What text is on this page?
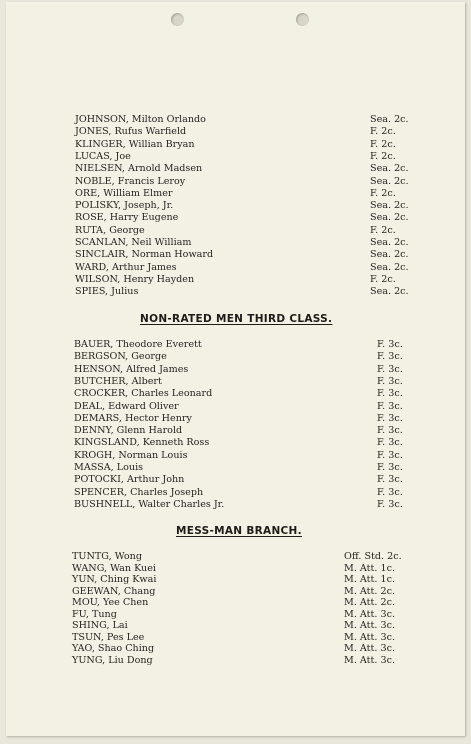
JOHNSON, Milton Orlando	Sea. 2c.
JONES, Rufus Warfield	F. 2c.
KLINGER, Willian Bryan	F. 2c.
LUCAS, Joe	F. 2c.
NIELSEN, Arnold Madsen	Sea. 2c.
NOBLE, Francis Leroy	Sea. 2c.
ORE, William Elmer	F. 2c.
POLISKY, Joseph, Jr.	Sea. 2c.
ROSE, Harry Eugene	Sea. 2c.
RUTA, George	F. 2c.
SCANLAN, Neil William	Sea. 2c.
SINCLAIR, Norman Howard	Sea. 2c.
WARD, Arthur James	Sea. 2c.
WILSON, Henry Hayden	F. 2c.
SPIES, Julius	Sea. 2c.
NON-RATED MEN THIRD CLASS.
BAUER, Theodore Everett	F. 3c.
BERGSON, George	F. 3c.
HENSON, Alfred James	F. 3c.
BUTCHER, Albert	F. 3c.
CROCKER, Charles Leonard	F. 3c.
DEAL, Edward Oliver	F. 3c.
DEMARS, Hector Henry	F. 3c.
DENNY, Glenn Harold	F. 3c.
KINGSLAND, Kenneth Ross	F. 3c.
KROGH, Norman Louis	F. 3c.
MASSA, Louis	F. 3c.
POTOCKI, Arthur John	F. 3c.
SPENCER, Charles Joseph	F. 3c.
BUSHNELL, Walter Charles Jr.	F. 3c.
MESS-MAN BRANCH.
TUNTG, Wong	Off. Std. 2c.
WANG, Wan Kuei	M. Att. 1c.
YUN, Ching Kwai	M. Att. 1c.
GEEWAN, Chang	M. Att. 2c.
MOU, Yee Chen	M. Att. 2c.
FU, Tung	M. Att. 3c.
SHING, Lai	M. Att. 3c.
TSUN, Pes Lee	M. Att. 3c.
YAO, Shao Ching	M. Att. 3c.
YUNG, Liu Dong	M. Att. 3c.
